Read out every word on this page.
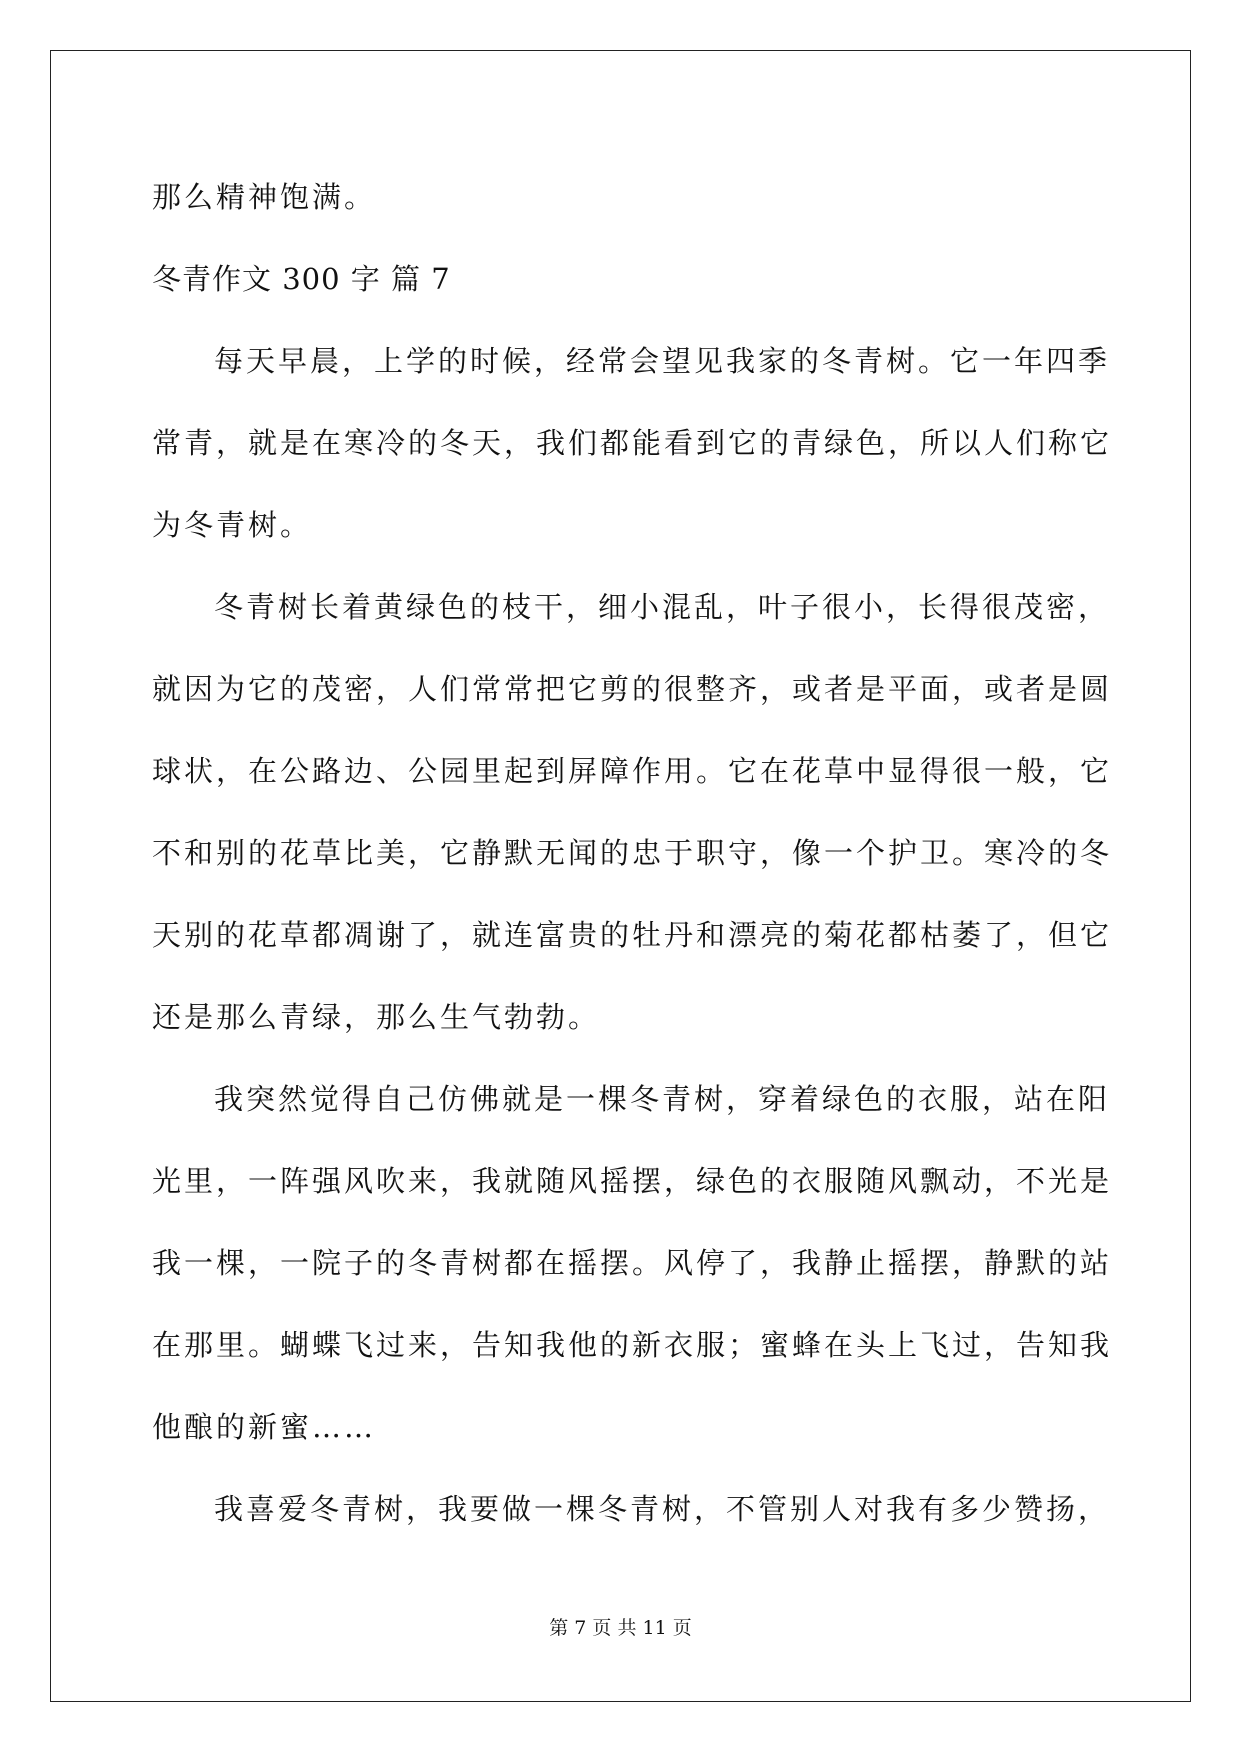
那么精神饱满。
冬青作文 300 字 篇 7
每天早晨，上学的时候，经常会望见我家的冬青树。它一年四季
常青，就是在寒冷的冬天，我们都能看到它的青绿色，所以人们称它
为冬青树。
冬青树长着黄绿色的枝干，细小混乱，叶子很小，长得很茂密，
就因为它的茂密，人们常常把它剪的很整齐，或者是平面，或者是圆
球状，在公路边、公园里起到屏障作用。它在花草中显得很一般，它
不和别的花草比美，它静默无闻的忠于职守，像一个护卫。寒冷的冬
天别的花草都凋谢了，就连富贵的牡丹和漂亮的菊花都枯萎了，但它
还是那么青绿，那么生气勃勃。
我突然觉得自己仿佛就是一棵冬青树，穿着绿色的衣服，站在阳
光里，一阵强风吹来，我就随风摇摆，绿色的衣服随风飘动，不光是
我一棵，一院子的冬青树都在摇摆。风停了，我静止摇摆，静默的站
在那里。蝴蝶飞过来，告知我他的新衣服；蜜蜂在头上飞过，告知我
他酿的新蜜……
我喜爱冬青树，我要做一棵冬青树，不管别人对我有多少赞扬，
第 7 页 共 11 页
